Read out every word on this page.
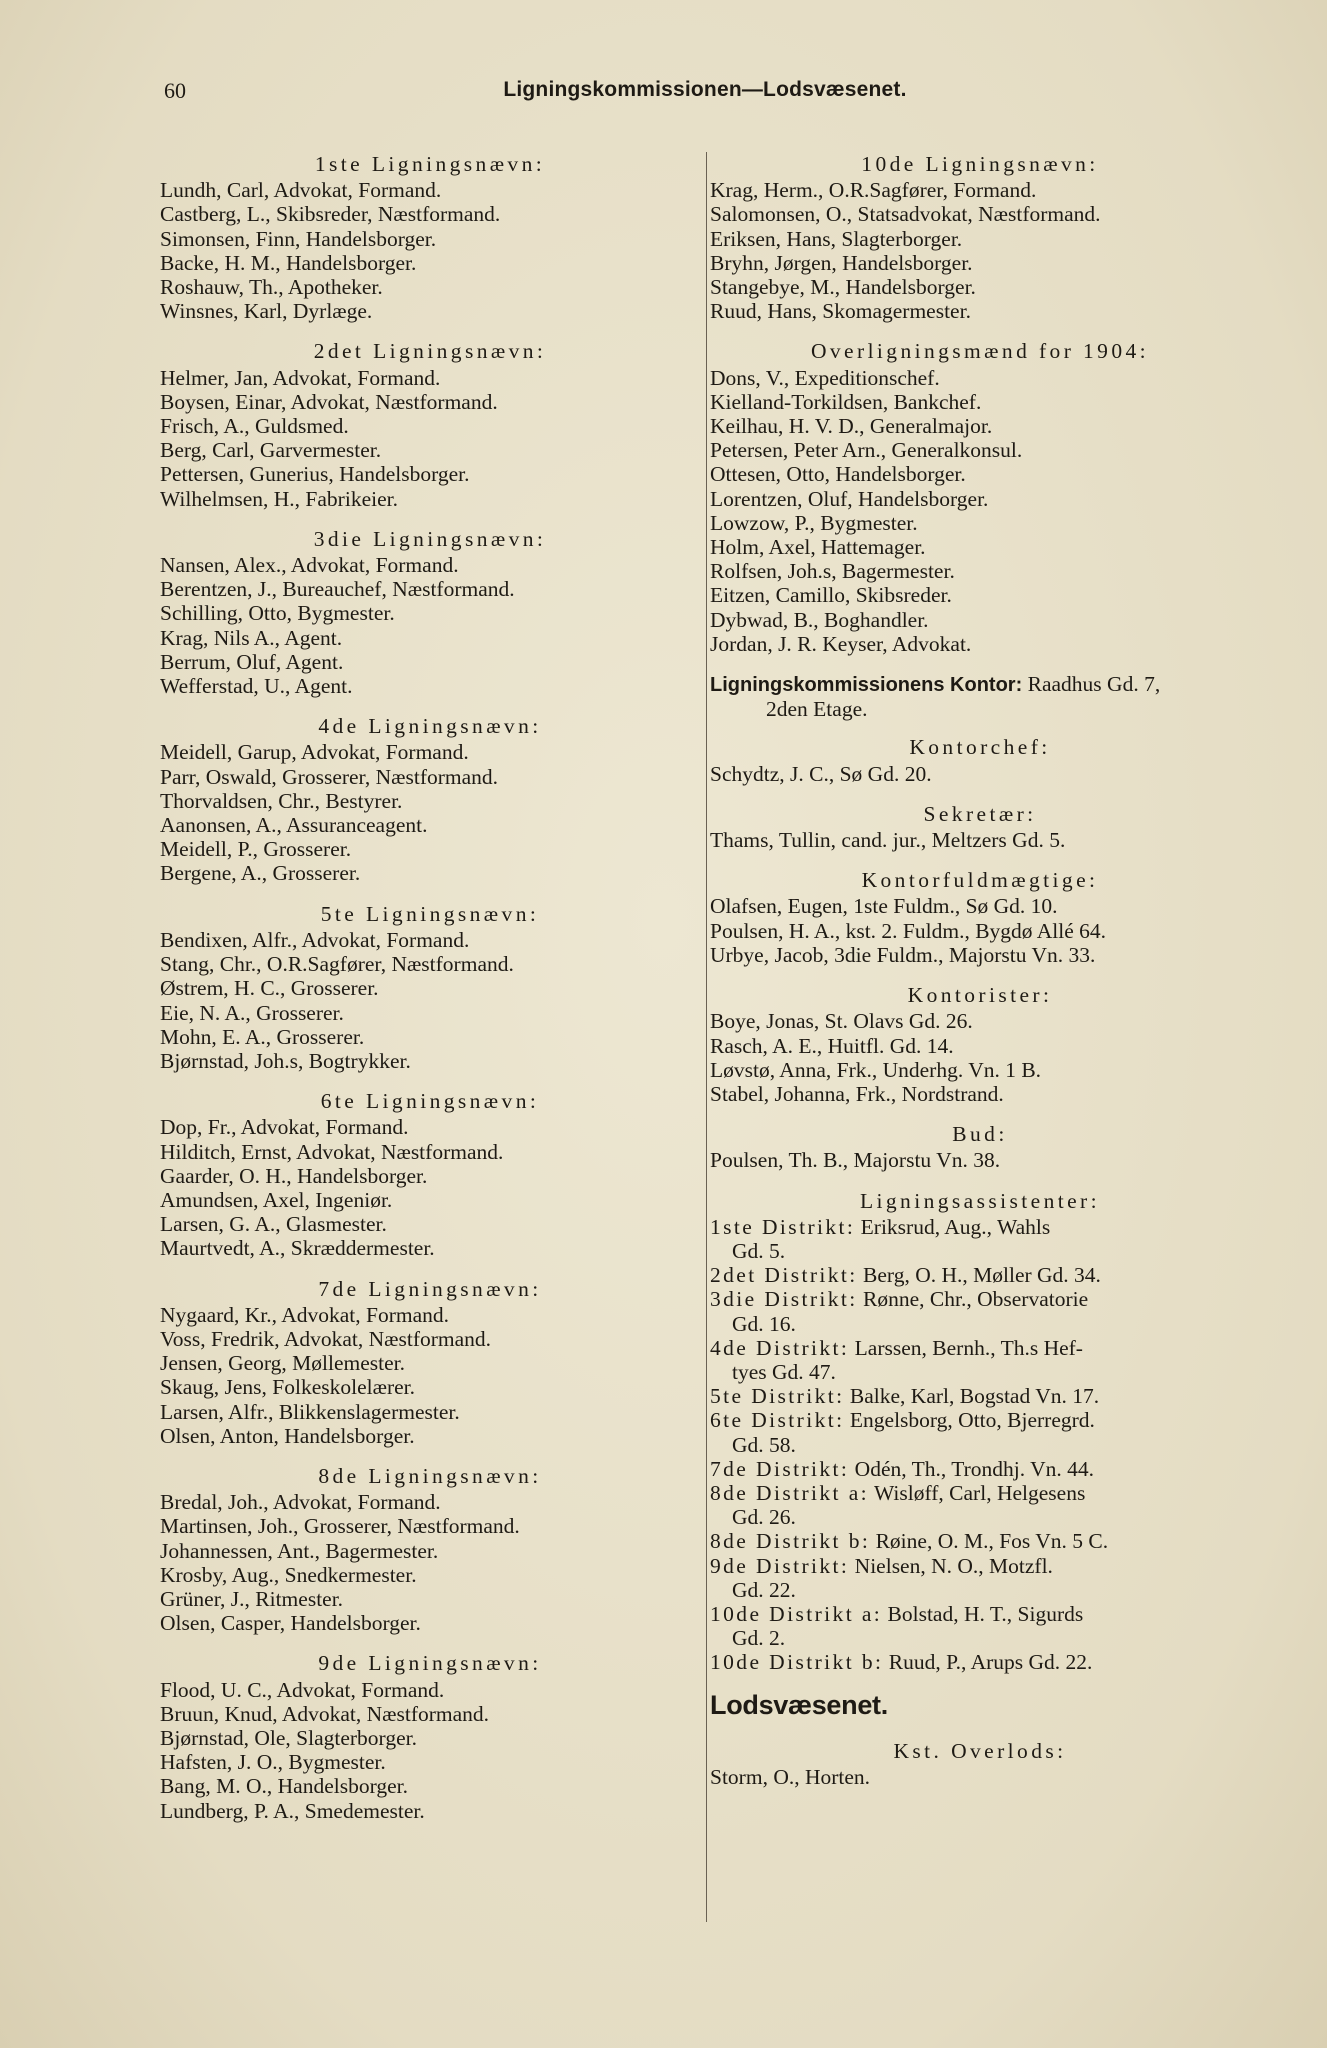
60	Ligningskommissionen—Lodsvæsenet.
1ste Ligningsnævn:
Lundh, Carl, Advokat, Formand.
Castberg, L., Skibsreder, Næstformand.
Simonsen, Finn, Handelsborger.
Backe, H. M., Handelsborger.
Roshauw, Th., Apotheker.
Winsnes, Karl, Dyrlæge.
2det Ligningsnævn:
Helmer, Jan, Advokat, Formand.
Boysen, Einar, Advokat, Næstformand.
Frisch, A., Guldsmed.
Berg, Carl, Garvermester.
Pettersen, Gunerius, Handelsborger.
Wilhelmsen, H., Fabrikeier.
3die Ligningsnævn:
Nansen, Alex., Advokat, Formand.
Berentzen, J., Bureauchef, Næstformand.
Schilling, Otto, Bygmester.
Krag, Nils A., Agent.
Berrum, Oluf, Agent.
Wefferstad, U., Agent.
4de Ligningsnævn:
Meidell, Garup, Advokat, Formand.
Parr, Oswald, Grosserer, Næstformand.
Thorvaldsen, Chr., Bestyrer.
Aanonsen, A., Assuranceagent.
Meidell, P., Grosserer.
Bergene, A., Grosserer.
5te Ligningsnævn:
Bendixen, Alfr., Advokat, Formand.
Stang, Chr., O.R.Sagfører, Næstformand.
Østrem, H. C., Grosserer.
Eie, N. A., Grosserer.
Mohn, E. A., Grosserer.
Bjørnstad, Joh.s, Bogtrykker.
6te Ligningsnævn:
Dop, Fr., Advokat, Formand.
Hilditch, Ernst, Advokat, Næstformand.
Gaarder, O. H., Handelsborger.
Amundsen, Axel, Ingeniør.
Larsen, G. A., Glasmester.
Maurtvedt, A., Skræddermester.
7de Ligningsnævn:
Nygaard, Kr., Advokat, Formand.
Voss, Fredrik, Advokat, Næstformand.
Jensen, Georg, Møllemester.
Skaug, Jens, Folkeskolelærer.
Larsen, Alfr., Blikkenslagermester.
Olsen, Anton, Handelsborger.
8de Ligningsnævn:
Bredal, Joh., Advokat, Formand.
Martinsen, Joh., Grosserer, Næstformand.
Johannessen, Ant., Bagermester.
Krosby, Aug., Snedkermester.
Grüner, J., Ritmester.
Olsen, Casper, Handelsborger.
9de Ligningsnævn:
Flood, U. C., Advokat, Formand.
Bruun, Knud, Advokat, Næstformand.
Bjørnstad, Ole, Slagterborger.
Hafsten, J. O., Bygmester.
Bang, M. O., Handelsborger.
Lundberg, P. A., Smedemester.
10de Ligningsnævn:
Krag, Herm., O.R.Sagfører, Formand.
Salomonsen, O., Statsadvokat, Næstformand.
Eriksen, Hans, Slagterborger.
Bryhn, Jørgen, Handelsborger.
Stangebye, M., Handelsborger.
Ruud, Hans, Skomagermester.
Overligningsmænd for 1904:
Dons, V., Expeditionschef.
Kielland-Torkildsen, Bankchef.
Keilhau, H. V. D., Generalmajor.
Petersen, Peter Arn., Generalkonsul.
Ottesen, Otto, Handelsborger.
Lorentzen, Oluf, Handelsborger.
Lowzow, P., Bygmester.
Holm, Axel, Hattemager.
Rolfsen, Joh.s, Bagermester.
Eitzen, Camillo, Skibsreder.
Dybwad, B., Boghandler.
Jordan, J. R. Keyser, Advokat.
Ligningskommissionens Kontor: Raadhus Gd. 7,
2den Etage.
Kontorchef:
Schydtz, J. C., Sø Gd. 20.
Sekretær:
Thams, Tullin, cand. jur., Meltzers Gd. 5.
Kontorfuldmægtige:
Olafsen, Eugen, 1ste Fuldm., Sø Gd. 10.
Poulsen, H. A., kst. 2. Fuldm., Bygdø Allé 64.
Urbye, Jacob, 3die Fuldm., Majorstu Vn. 33.
Kontorister:
Boye, Jonas, St. Olavs Gd. 26.
Rasch, A. E., Huitfl. Gd. 14.
Løvstø, Anna, Frk., Underhg. Vn. 1 B.
Stabel, Johanna, Frk., Nordstrand.
Bud:
Poulsen, Th. B., Majorstu Vn. 38.
Ligningsassistenter:
1ste Distrikt: Eriksrud, Aug., Wahls
Gd. 5.
2det Distrikt: Berg, O. H., Møller Gd. 34.
3die Distrikt: Rønne, Chr., Observatorie
Gd. 16.
4de Distrikt: Larssen, Bernh., Th.s Hef-
tyes Gd. 47.
5te Distrikt: Balke, Karl, Bogstad Vn. 17.
6te Distrikt: Engelsborg, Otto, Bjerregrd.
Gd. 58.
7de Distrikt: Odén, Th., Trondhj. Vn. 44.
8de Distrikt a: Wisløff, Carl, Helgesens
Gd. 26.
8de Distrikt b: Røine, O. M., Fos Vn. 5 C.
9de Distrikt: Nielsen, N. O., Motzfl.
Gd. 22.
10de Distrikt a: Bolstad, H. T., Sigurds
Gd. 2.
10de Distrikt b: Ruud, P., Arups Gd. 22.
Lodsvæsenet.
Kst. Overlods:
Storm, O., Horten.
